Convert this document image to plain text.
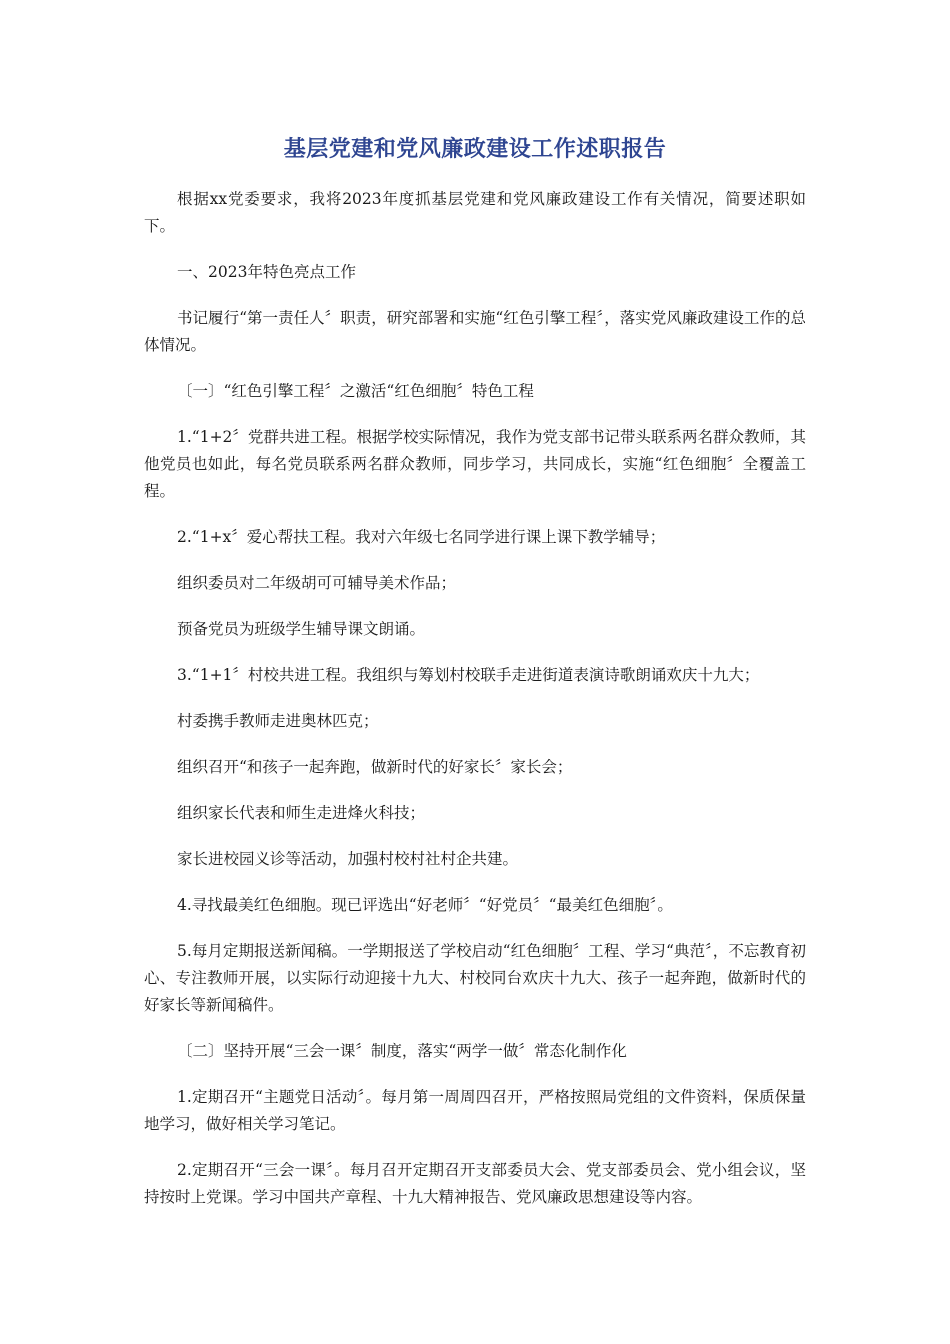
基层党建和党风廉政建设工作述职报告

根据xx党委要求，我将2023年度抓基层党建和党风廉政建设工作有关情况，简要述职如下。

一、2023年特色亮点工作

书记履行“第一责任人〞职责，研究部署和实施“红色引擎工程〞，落实党风廉政建设工作的总体情况。

〔一〕“红色引擎工程〞之激活“红色细胞〞特色工程

1.“1+2〞党群共进工程。根据学校实际情况，我作为党支部书记带头联系两名群众教师，其他党员也如此，每名党员联系两名群众教师，同步学习，共同成长，实施“红色细胞〞全覆盖工程。

2.“1+x〞爱心帮扶工程。我对六年级七名同学进行课上课下教学辅导；

组织委员对二年级胡可可辅导美术作品；

预备党员为班级学生辅导课文朗诵。

3.“1+1〞村校共进工程。我组织与筹划村校联手走进街道表演诗歌朗诵欢庆十九大；

村委携手教师走进奥林匹克；

组织召开“和孩子一起奔跑，做新时代的好家长〞家长会；

组织家长代表和师生走进烽火科技；

家长进校园义诊等活动，加强村校村社村企共建。

4.寻找最美红色细胞。现已评选出“好老师〞“好党员〞“最美红色细胞〞。

5.每月定期报送新闻稿。一学期报送了学校启动“红色细胞〞工程、学习“典范〞，不忘教育初心、专注教师开展，以实际行动迎接十九大、村校同台欢庆十九大、孩子一起奔跑，做新时代的好家长等新闻稿件。

〔二〕坚持开展“三会一课〞制度，落实“两学一做〞常态化制作化

1.定期召开“主题党日活动〞。每月第一周周四召开，严格按照局党组的文件资料，保质保量地学习，做好相关学习笔记。

2.定期召开“三会一课〞。每月召开定期召开支部委员大会、党支部委员会、党小组会议，坚持按时上党课。学习中国共产章程、十九大精神报告、党风廉政思想建设等内容。
